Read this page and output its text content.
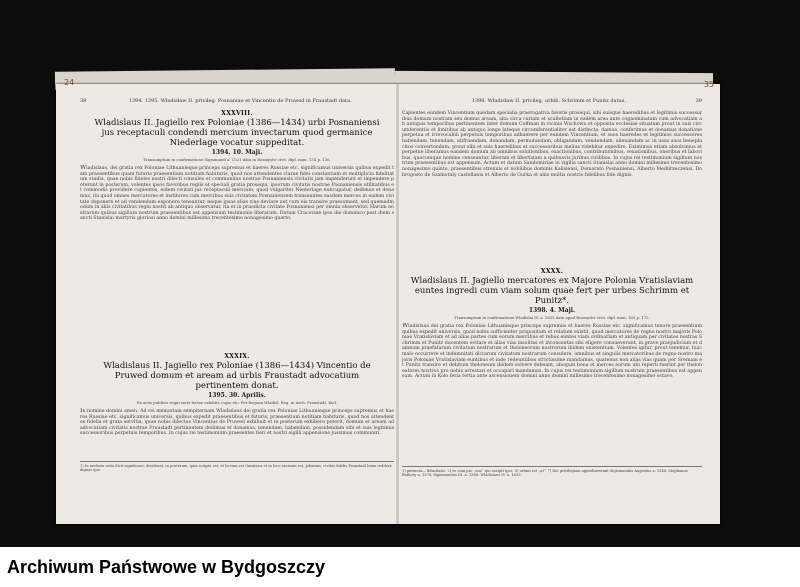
24	35
38	1394. 1395. Władisław II. privileg. Posnaniae et Vincentio de Pruwed in Fraustadt data.
XXXVIII.
Wladislaus II. Jagiello rex Poloniae (1386—1434) urbi Posnaniensi jus receptaculi condendi mercium invectarum quod germanice Niederlage vocatur suppeditat.
1394. 10. Maji.
Transumptum in confirmatione Sigismundi a. 1521 data in Rozmyslw civit. dipl. num. 134 p. 136.

Wladislaus, dei gratia rex Poloniae Lithuanieque princeps supremus et haeres Russiae etc. significamus universis quibus expedit tam praesentibus quam futuris praesentium notitiam habituris, quod nos attendentes clarae fidei constantiam et multiplicia fidelitatum studia, quae nobis fideles nostri dilecti consules et communitas nostrae Posnaniensis civitatis jam impenderunt et impendere poterunt in posterum, volentes ipsos favoribus regiis et speciali gratia prosequi, ipsorum civitatis nostrae Posnaniensis utilitatibus et commodis providere cupientes, eidem civitati jus receptaculi mercium, quod vulgariter Niederlage nuncupatur, dedimus et donamus, ita quod omnes mercatores et institores cum mercibus suis civitatem Posnaniensem transeuntes easdem merces in eadem civitate deponere et ad vendendum exponere teneantur, neque ipsas alias vias deviare aut cum eis transire praesumant, sed quemadmodum in aliis civitatibus regni nostri ab antiquo observatur, ita et in praedicta civitate Posnaniensi per omnia observetur. Harum nostrarum quibus sigillum nostrum praesentibus est appensum testimonio literarum. Datum Cracoviae ipso die dominico post diem sancti Stanislai martyris gloriosi anno domini millesimo trecentesimo nonagesimo quarto.

XXXIX.
Wladislaus II. Jagiello rex Poloniae (1386—1434) Vincentio de Pruwed domum et aream ad urbis Fraustadt advocatium pertinentem donat.
1395. 30. Aprilis.
Ex actis publicis regni serie lectae exhibiti, cujus etc. Pet-Regiam Wladisl. Reg. in Arch. Fraustadt. Kiel.

In nomine domini amen. Ad rei memoriam sempiternam Wladislaus dei gratia rex Poloniae Lithuanieque princeps supremus et haeres Russiae etc. significamus universis, quibus expedit praesentibus et futuris, praesentium notitiam habituris, quod nos attendentes fidelia et grata servitia, quae nobis dilectus Vincentius de Pruwed exhibuit et in posterum exhibere poterit, domum et aream ad advocatiam civitatis nostrae Fraustadt pertinentem dedimus et donamus, tenendam, habendam, possidendam sibi et suis legitimis successoribus perpetuis temporibus. In cujus rei testimonium praesentes fieri et nostri sigilli appensione jussimus communiri.

1) In mederis ratio dicit significare; desiderat, in posterum, quia scriptu est; et lectum est Garnisaw et in loco excisum est, Johannis, civitas fidelis Franstadt bene reddere dignos quo.
1398. Władisław II. privileg. urbib. Schrimm et Punitz datus.	39

capientes eundem Vincentium quedam specialia praerogativa favoris prosequi, sibi suisque haeredibus et legitimis successoribus domum nostram seu domus aream, sita circa curiam et scultetiam in eadem area ante cognominatam cum advocatiam ab antiquis temporibus pertinentem inter domum Coffman in vicinio Wschowa et opposita ecclesiae situatam prout in suis circumferentiis et limitibus ab antiquo longo lateque circumferentialiter est distincta, damus, conferimus et donamus donatione perpetua et irrevocabili perpetuis temporibus adhaerere per eundem Vincentium, et suos haeredes et legitimos successores habendam, tenendam, utifruendam, donandam, permutandam, obligandam, vendendam, alienandam ac in usus suos beneplacitos convertendam, prout sibi et suis haeredibus et successoribus melius videbitur expedire. Eximimus etiam absolvimus et perpetue liberamus eandem domum ab omnibus solutionibus, exactionibus, contributionibus, vexationibus, oneribus et laboribus, quocumque nomine censeantur, liberam et libertatam a quibusvis juribus civilibus. In cujus rei testimonium sigillum nostrum praesentibus est appensum. Actum et datum Sandomiriae in vigilia sancti Stanislai anno domini millesimo trecentesimo nonagesimo quinto, praesentibus strenuis et nobilibus dominis Kalisiensi, Domarato Posnaniensi, Alberto Mediirzeczensi, Dobrogosto de Szamotuly castellanis et Alberto de Gurka et aliis multis nostris fidelibus fide dignis.

XXXX.
Wladislaus II. Jagiello mercatores ex Majore Polonia Vratislaviam euntes ingredi cum viam solum quae fert per urbes Schrimm et Punitz*.
1398. 4. Maji.
Transumptum in confirmatione Wladislai IV. a. 1635 data apud Rozmyslw civit. dipl. num. 165 p. 175.

Wladislaus dei gratia rex Poloniae Lithuanieque princeps supremus et haeres Russiae etc. significamus tenore praesentium quibus expedit universis, quod nobis sufficienter propositum et relatum existit, quod mercatores de regno nostro majoris Poloniae Vratislaviam et ad alias partes cum eorum mercibus et rebus euntes viam ordinariam et antiquam per civitates nostras Schrimm et Punitz ducentem evitare et alias vias insolitas et inconsuetas sibi eligere consueverunt, in grave praejudicium et damnum praefatarum civitatum nostrarum et theloneorum nostrorum ibidem existentium. Volentes igitur, prout tenemur, huic malo occurrere et indemnitati dictarum civitatum nostrarum consulere, omnibus et singulis mercatoribus de regno nostro majoris Poloniae Vratislaviam euntibus et inde redeuntibus strictissime mandamus, quatenus non alias vias quam per Sremam et Punitz transire et debitum theloneum ibidem solvere debeant, alioquin bona et merces eorum ubi reperti fuerint per theloneatores nostros pro nobis arrestari et occupari mandamus. In cujus rei testimonium sigillum nostrum praesentibus est appensum. Actum in Koło feria tertia ante ascensionem domini anno domini millesimo trecentesimo nonagesimo octavo.

1) permuta— fiducilatio. 2) es cum pro „suo“ qui excipit ipse. 3) ortum est „ut“. *) Die privilegium approbaverunt Sigismundus Augustus a. 1548, Stephanus Bathory a. 1578, Sigismundus III. a. 1588, Wladislaus IV. a. 1633.
Archiwum Państwowe w Bydgoszczy
